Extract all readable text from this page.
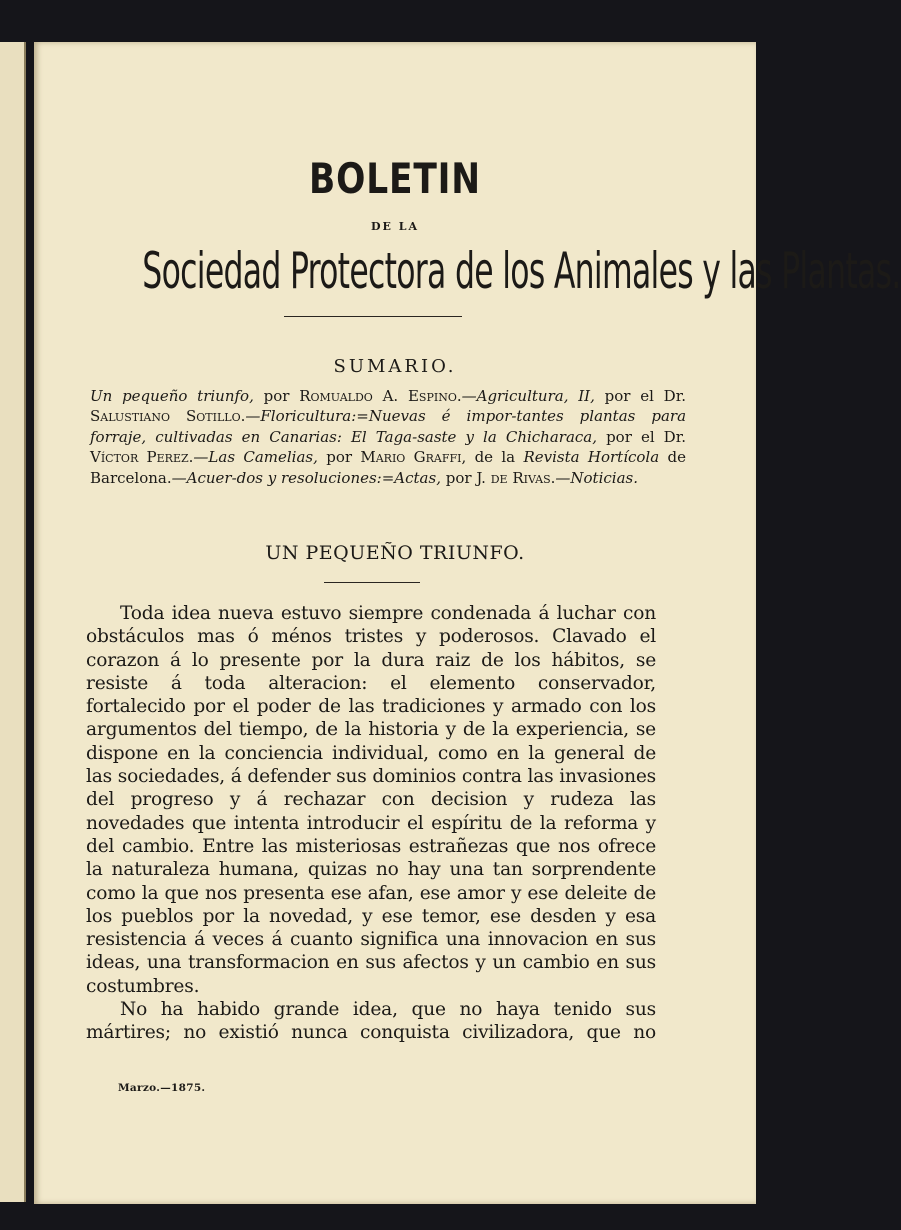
BOLETIN
DE LA
Sociedad Protectora de los Animales y las Plantas.
SUMARIO.
Un pequeño triunfo, por Romualdo A. Espino.—Agricultura, II, por el Dr. Salustiano Sotillo.—Floricultura:=Nuevas é impor-tantes plantas para forraje, cultivadas en Canarias: El Taga-saste y la Chicharaca, por el Dr. Víctor Perez.—Las Camelias, por Mario Graffi, de la Revista Hortícola de Barcelona.—Acuer-dos y resoluciones:=Actas, por J. de Rivas.—Noticias.
UN PEQUEÑO TRIUNFO.

Toda idea nueva estuvo siempre condenada á luchar con obstáculos mas ó ménos tristes y poderosos. Clavado el corazon á lo presente por la dura raiz de los hábitos, se resiste á toda alteracion: el elemento conservador, fortalecido por el poder de las tradiciones y armado con los argumentos del tiempo, de la historia y de la experiencia, se dispone en la conciencia individual, como en la general de las sociedades, á defender sus dominios contra las invasiones del progreso y á rechazar con decision y rudeza las novedades que intenta introducir el espíritu de la reforma y del cambio. Entre las misteriosas estrañezas que nos ofrece la naturaleza humana, quizas no hay una tan sorprendente como la que nos presenta ese afan, ese amor y ese deleite de los pueblos por la novedad, y ese temor, ese desden y esa resistencia á veces á cuanto significa una innovacion en sus ideas, una transformacion en sus afectos y un cambio en sus costumbres.

No ha habido grande idea, que no haya tenido sus mártires; no existió nunca conquista civilizadora, que no

Marzo.—1875.
